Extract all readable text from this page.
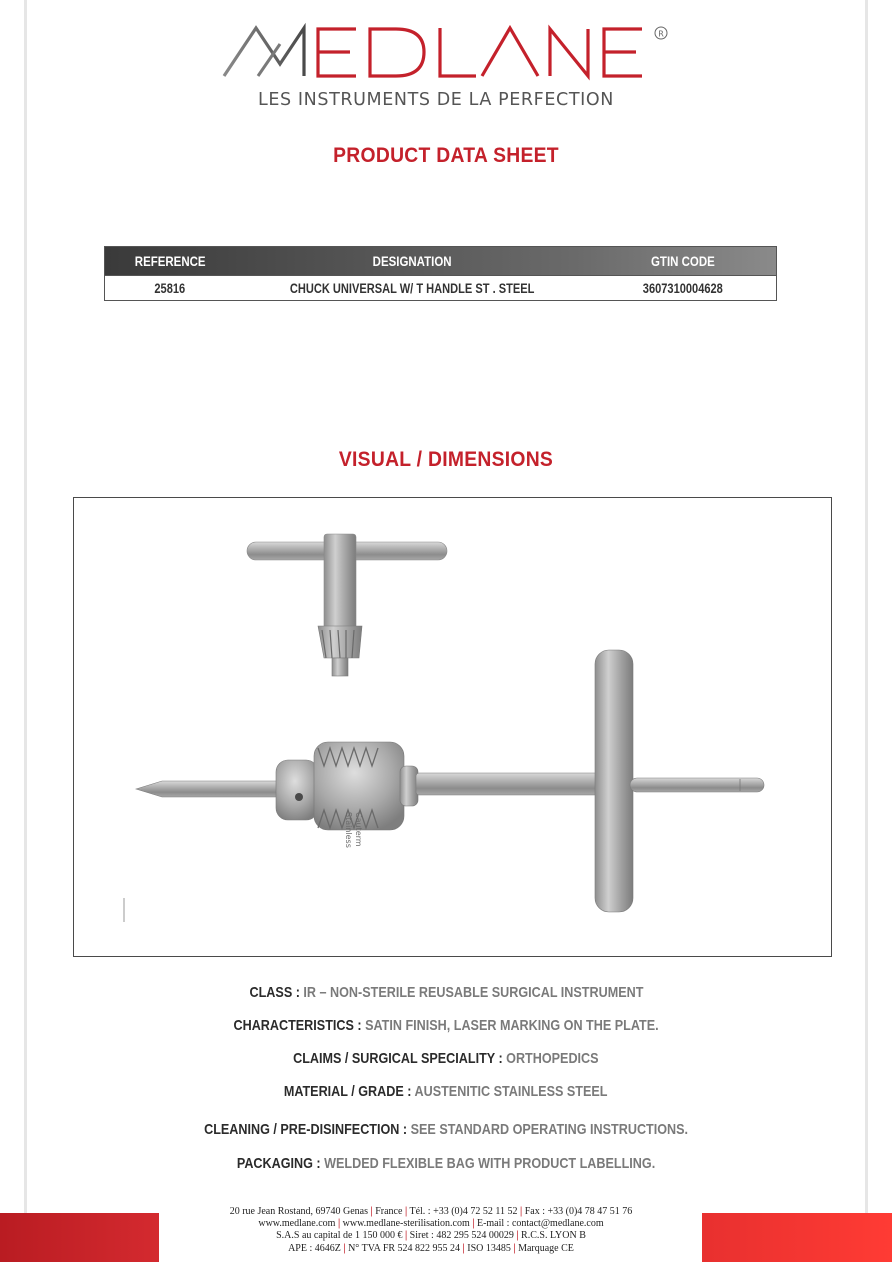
R
LES INSTRUMENTS DE LA PERFECTION
PRODUCT DATA SHEET
REFERENCE	DESIGNATION	GTIN CODE
25816	CHUCK UNIVERSAL W/ T HANDLE ST . STEEL	3607310004628
VISUAL / DIMENSIONS
Cauterm
Stainless
CLASS : IR – NON-STERILE REUSABLE SURGICAL INSTRUMENT
CHARACTERISTICS : SATIN FINISH, LASER MARKING ON THE PLATE.
CLAIMS / SURGICAL SPECIALITY : ORTHOPEDICS
MATERIAL / GRADE : AUSTENITIC STAINLESS STEEL
CLEANING / PRE-DISINFECTION : SEE STANDARD OPERATING INSTRUCTIONS.
PACKAGING : WELDED FLEXIBLE BAG WITH PRODUCT LABELLING.
20 rue Jean Rostand, 69740 Genas | France | Tél. : +33 (0)4 72 52 11 52 | Fax : +33 (0)4 78 47 51 76
www.medlane.com | www.medlane-sterilisation.com | E-mail : contact@medlane.com
S.A.S au capital de 1 150 000 € | Siret : 482 295 524 00029 | R.C.S. LYON B
APE : 4646Z | N° TVA FR 524 822 955 24 | ISO 13485 | Marquage CE
